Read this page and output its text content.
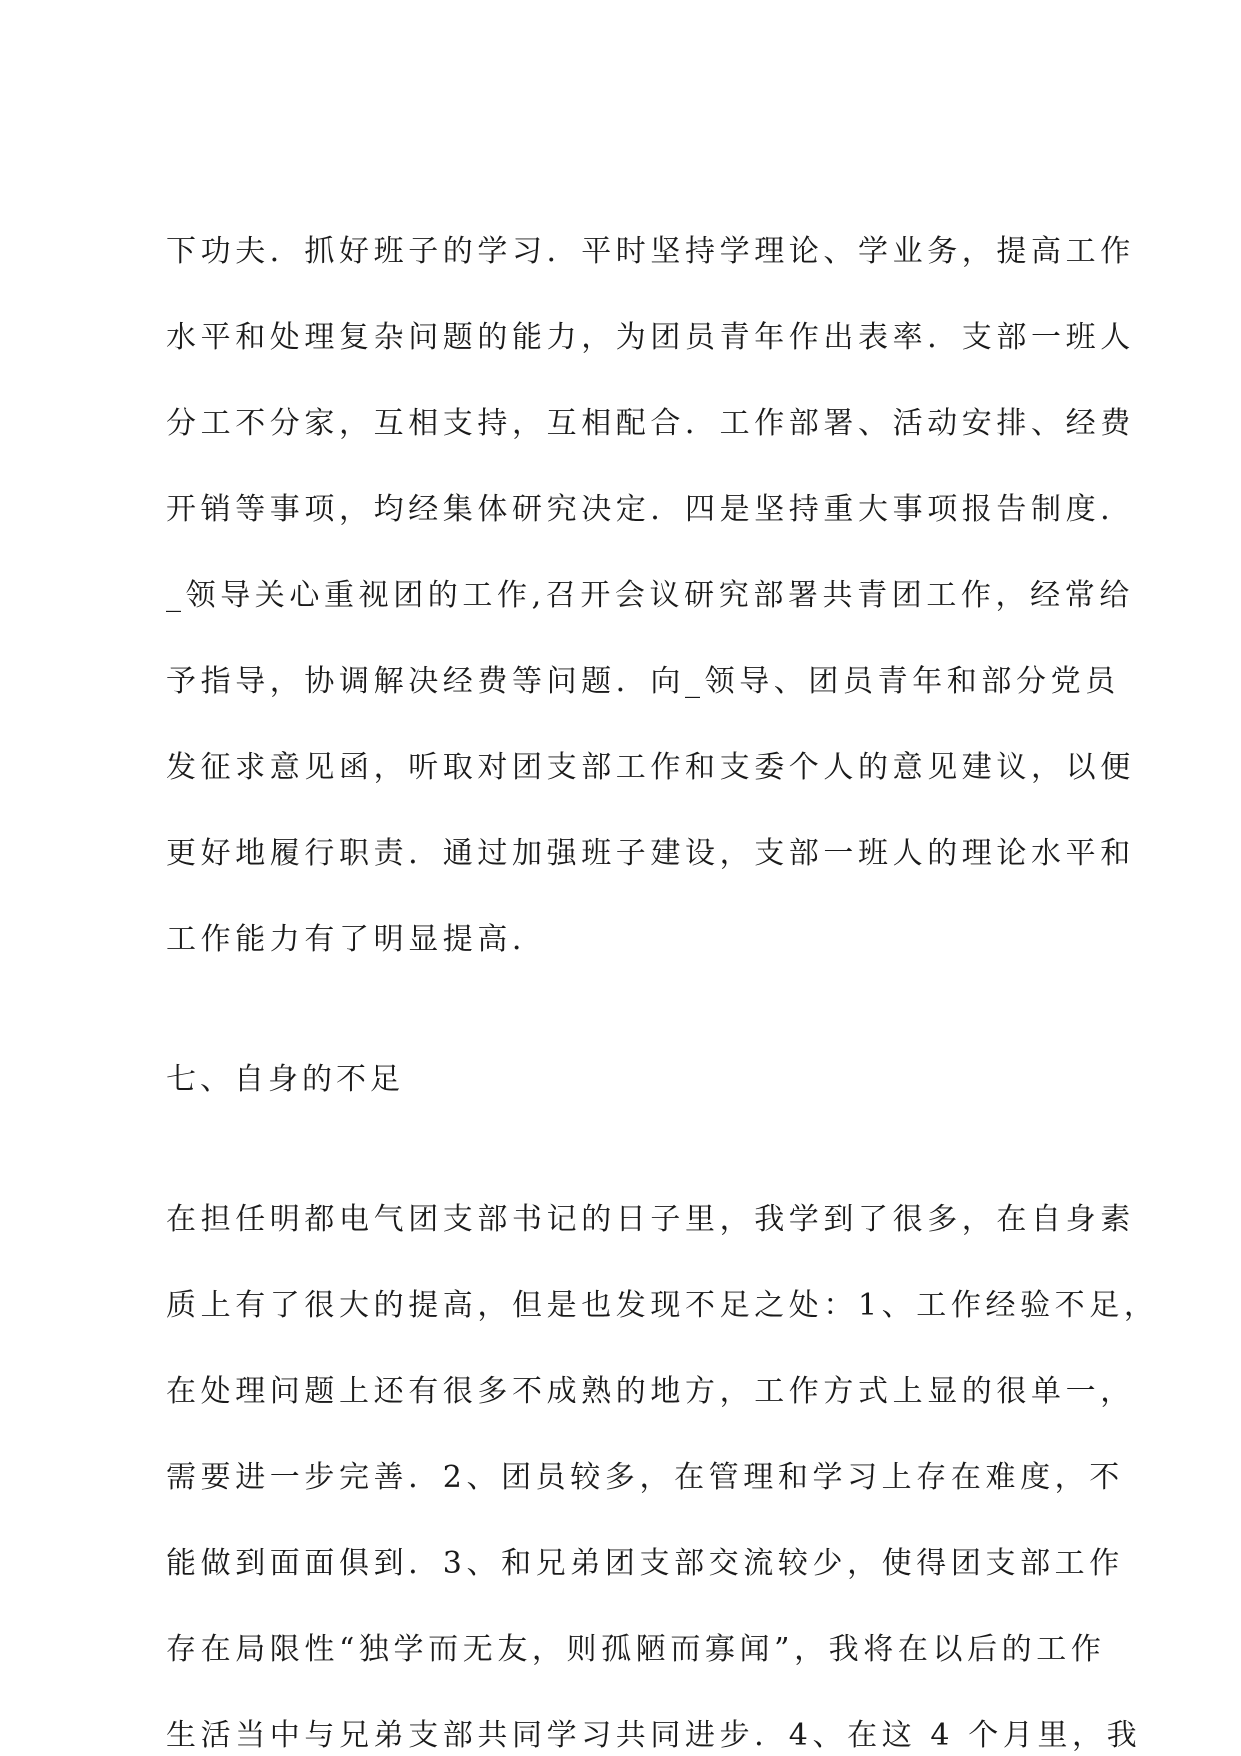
下功夫．抓好班子的学习．平时坚持学理论、学业务，提高工作
水平和处理复杂问题的能力，为团员青年作出表率．支部一班人
分工不分家，互相支持，互相配合．工作部署、活动安排、经费
开销等事项，均经集体研究决定．四是坚持重大事项报告制度．
_领导关心重视团的工作,召开会议研究部署共青团工作，经常给
予指导，协调解决经费等问题．向_领导、团员青年和部分党员
发征求意见函，听取对团支部工作和支委个人的意见建议，以便
更好地履行职责．通过加强班子建设，支部一班人的理论水平和
工作能力有了明显提高．
七、自身的不足
在担任明都电气团支部书记的日子里，我学到了很多，在自身素
质上有了很大的提高，但是也发现不足之处：1、工作经验不足，
在处理问题上还有很多不成熟的地方，工作方式上显的很单一，
需要进一步完善．2、团员较多，在管理和学习上存在难度，不
能做到面面俱到．3、和兄弟团支部交流较少，使得团支部工作
存在局限性“独学而无友，则孤陋而寡闻”，我将在以后的工作
生活当中与兄弟支部共同学习共同进步．4、在这 4 个月里，我
